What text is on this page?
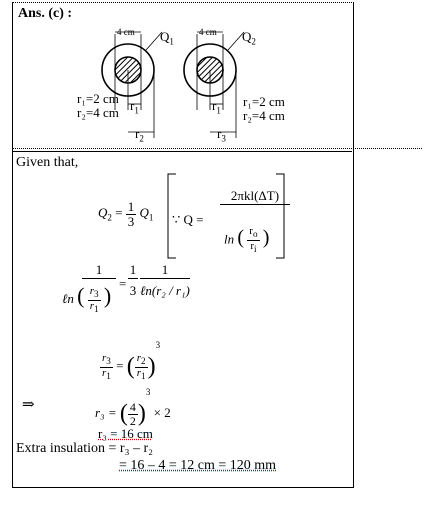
Ans. (c) :
4 cm $Q_1$
$r_1$
$r_2$
r₁=2 cm
r₂=4 cm
4 cm $Q_2$
$r_1$
$r_3$
r₁=2 cm
r₂=4 cm
Given that,
$Q_2 = \frac{1}{3} Q_1$ ∵ Q =
2πkl(ΔT)
ln ( $\frac{r_o}{r_i}$ )
1
ℓn ( $\frac{r_3}{r_1}$ ) =
1
3
1
ℓn(r₂ / r₁)
$\frac{r_3}{r_1}$ = ( $\frac{r_2}{r_1} )^3$
⇒	r₃ = ( $\frac{4}{2} )^3 \times 2$
r₃ = 16 cm
Extra insulation = r₃ – r₂
= 16 – 4 = 12 cm = 120 mm
